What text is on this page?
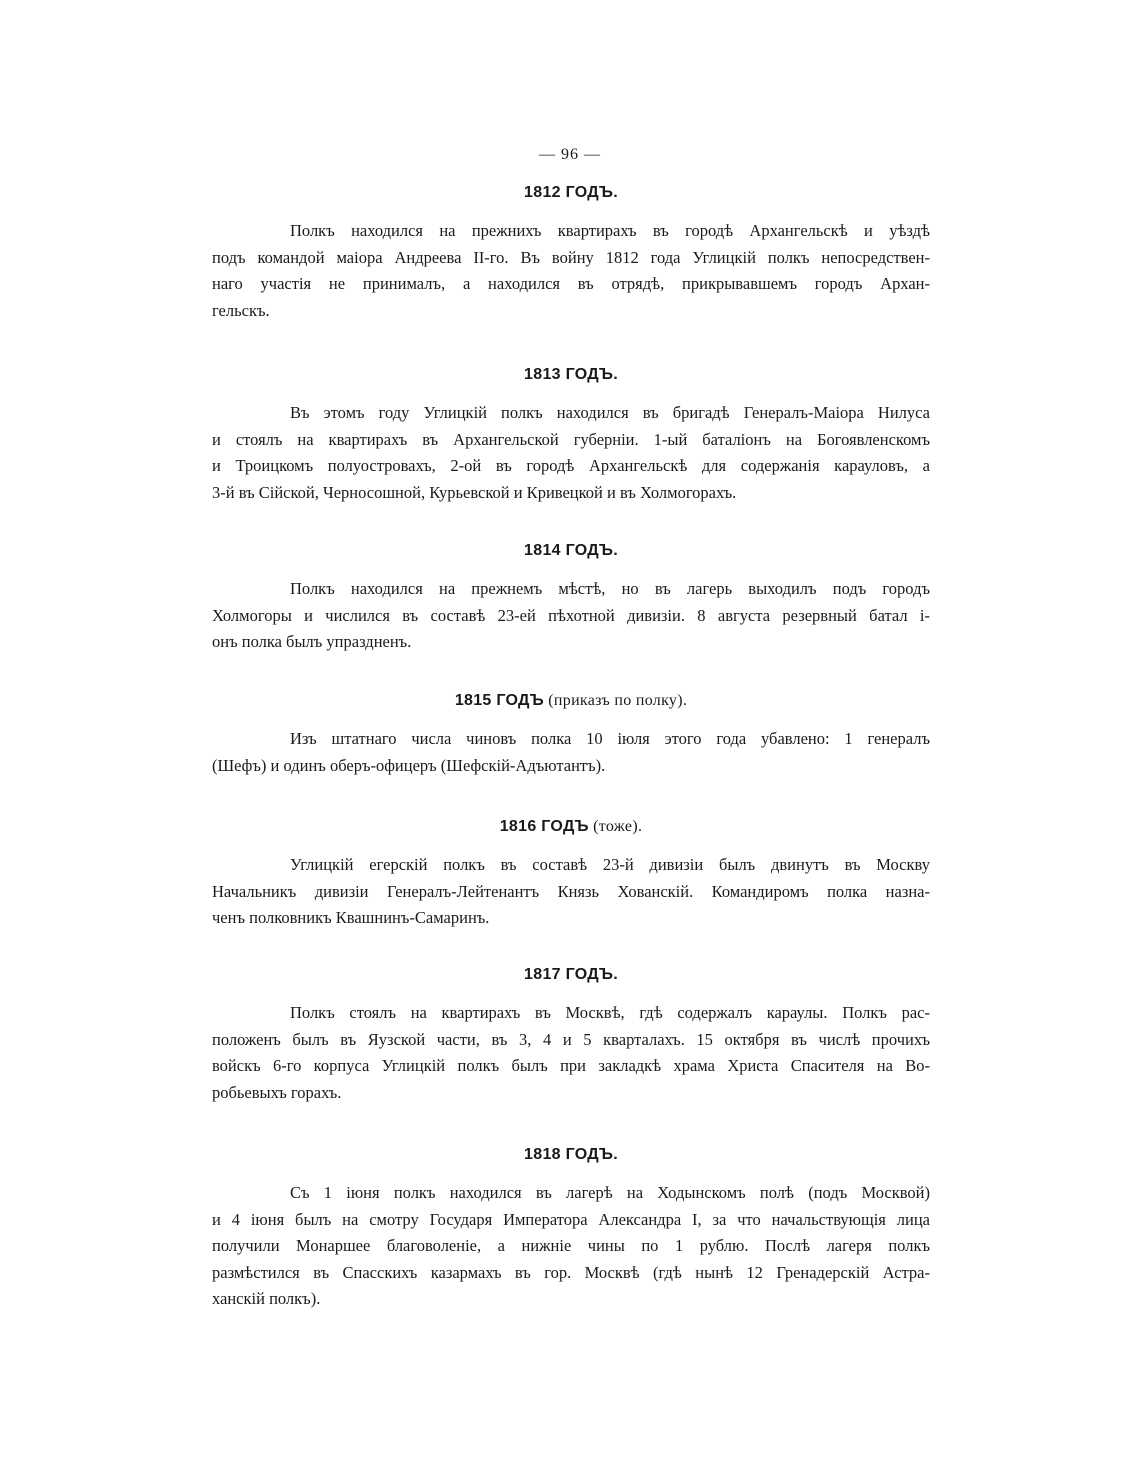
— 96 —
1812 ГОДЪ.
Полкъ находился на прежнихъ квартирахъ въ городѣ Архангельскѣ и уѣздѣ
подъ командой маіора Андреева II-го. Въ войну 1812 года Углицкій полкъ непосредствен-
наго участія не принималъ, а находился въ отрядѣ, прикрывавшемъ городъ Архан-
гельскъ.
1813 ГОДЪ.
Въ этомъ году Углицкій полкъ находился въ бригадѣ Генералъ-Маіора Нилуса
и стоялъ на квартирахъ въ Архангельской губерніи. 1-ый баталіонъ на Богоявленскомъ
и Троицкомъ полуостровахъ, 2-ой въ городѣ Архангельскѣ для содержанія карауловъ, а
3-й въ Сійской, Черносошной, Курьевской и Кривецкой и въ Холмогорахъ.
1814 ГОДЪ.
Полкъ находился на прежнемъ мѣстѣ, но въ лагерь выходилъ подъ городъ
Холмогоры и числился въ составѣ 23-ей пѣхотной дивизіи. 8 августа резервный батал і-
онъ полка былъ упраздненъ.
1815 ГОДЪ (приказъ по полку).
Изъ штатнаго числа чиновъ полка 10 іюля этого года убавлено: 1 генералъ
(Шефъ) и одинъ оберъ-офицеръ (Шефскій-Адъютантъ).
1816 ГОДЪ (тоже).
Углицкій егерскій полкъ въ составѣ 23-й дивизіи былъ двинутъ въ Москву
Начальникъ дивизіи Генералъ-Лейтенантъ Князь Хованскій. Командиромъ полка назна-
ченъ полковникъ Квашнинъ-Самаринъ.
1817 ГОДЪ.
Полкъ стоялъ на квартирахъ въ Москвѣ, гдѣ содержалъ караулы. Полкъ рас-
положенъ былъ въ Яузской части, въ 3, 4 и 5 кварталахъ. 15 октября въ числѣ прочихъ
войскъ 6-го корпуса Углицкій полкъ былъ при закладкѣ храма Христа Спасителя на Во-
робьевыхъ горахъ.
1818 ГОДЪ.
Съ 1 іюня полкъ находился въ лагерѣ на Ходынскомъ полѣ (подъ Москвой)
и 4 іюня былъ на смотру Государя Императора Александра I, за что начальствующія лица
получили Монаршее благоволеніе, а нижніе чины по 1 рублю. Послѣ лагеря полкъ
размѣстился въ Спасскихъ казармахъ въ гор. Москвѣ (гдѣ нынѣ 12 Гренадерскій Астра-
ханскій полкъ).
